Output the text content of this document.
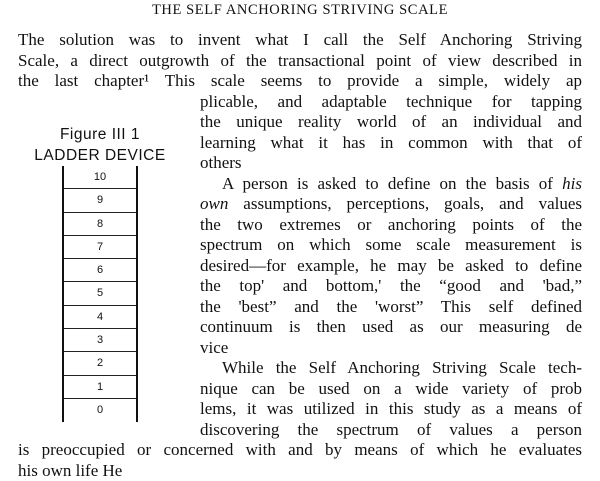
THE SELF ANCHORING STRIVING SCALE
The solution was to invent what I call the Self Anchoring Striving
Scale, a direct outgrowth of the transactional point of view described in
the last chapter¹ This scale seems to provide a simple, widely ap
plicable, and adaptable technique for tapping
the unique reality world of an individual and
learning what it has in common with that of
others
A person is asked to define on the basis of his
own assumptions, perceptions, goals, and values
the two extremes or anchoring points of the
spectrum on which some scale measurement is
desired—for example, he may be asked to define
the top' and bottom,' the “good and 'bad,”
the 'best” and the 'worst” This self defined
continuum is then used as our measuring de
vice
While the Self Anchoring Striving Scale tech-
nique can be used on a wide variety of prob
lems, it was utilized in this study as a means of
discovering the spectrum of values a person
is preoccupied or concerned with and by means of which he evaluates
his own life He
Figure III 1
LADDER DEVICE
10
9
8
7
6
5
4
3
2
1
0
